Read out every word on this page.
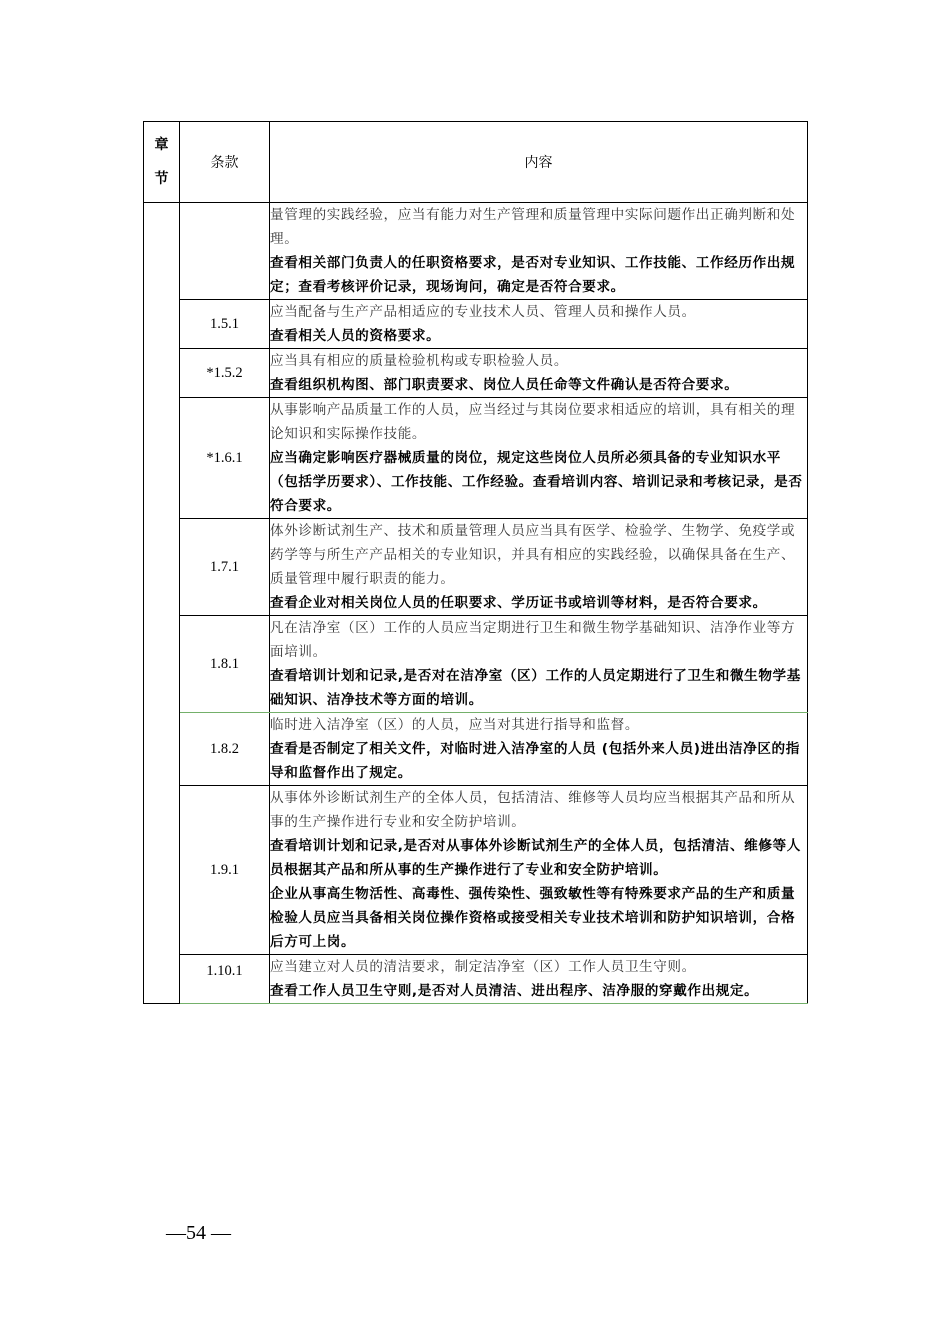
章
节	条款	内容

		量管理的实践经验，应当有能力对生产管理和质量管理中实际问题作出正确判断和处理。
查看相关部门负责人的任职资格要求，是否对专业知识、工作技能、工作经历作出规定；查看考核评价记录，现场询问，确定是否符合要求。

	1.5.1	应当配备与生产产品相适应的专业技术人员、管理人员和操作人员。
查看相关人员的资格要求。

	*1.5.2	应当具有相应的质量检验机构或专职检验人员。
查看组织机构图、部门职责要求、岗位人员任命等文件确认是否符合要求。

	*1.6.1	从事影响产品质量工作的人员，应当经过与其岗位要求相适应的培训，具有相关的理论知识和实际操作技能。
应当确定影响医疗器械质量的岗位，规定这些岗位人员所必须具备的专业知识水平（包括学历要求）、工作技能、工作经验。查看培训内容、培训记录和考核记录，是否符合要求。

	1.7.1	体外诊断试剂生产、技术和质量管理人员应当具有医学、检验学、生物学、免疫学或药学等与所生产产品相关的专业知识，并具有相应的实践经验，以确保具备在生产、质量管理中履行职责的能力。
查看企业对相关岗位人员的任职要求、学历证书或培训等材料，是否符合要求。

	1.8.1	凡在洁净室（区）工作的人员应当定期进行卫生和微生物学基础知识、洁净作业等方面培训。
查看培训计划和记录,是否对在洁净室（区）工作的人员定期进行了卫生和微生物学基础知识、洁净技术等方面的培训。

	1.8.2	临时进入洁净室（区）的人员，应当对其进行指导和监督。
查看是否制定了相关文件，对临时进入洁净室的人员 (包括外来人员)进出洁净区的指导和监督作出了规定。

	1.9.1	从事体外诊断试剂生产的全体人员，包括清洁、维修等人员均应当根据其产品和所从事的生产操作进行专业和安全防护培训。
查看培训计划和记录,是否对从事体外诊断试剂生产的全体人员，包括清洁、维修等人员根据其产品和所从事的生产操作进行了专业和安全防护培训。
企业从事高生物活性、高毒性、强传染性、强致敏性等有特殊要求产品的生产和质量检验人员应当具备相关岗位操作资格或接受相关专业技术培训和防护知识培训，合格后方可上岗。

	1.10.1	应当建立对人员的清洁要求，制定洁净室（区）工作人员卫生守则。
查看工作人员卫生守则,是否对人员清洁、进出程序、洁净服的穿戴作出规定。
—54 —
